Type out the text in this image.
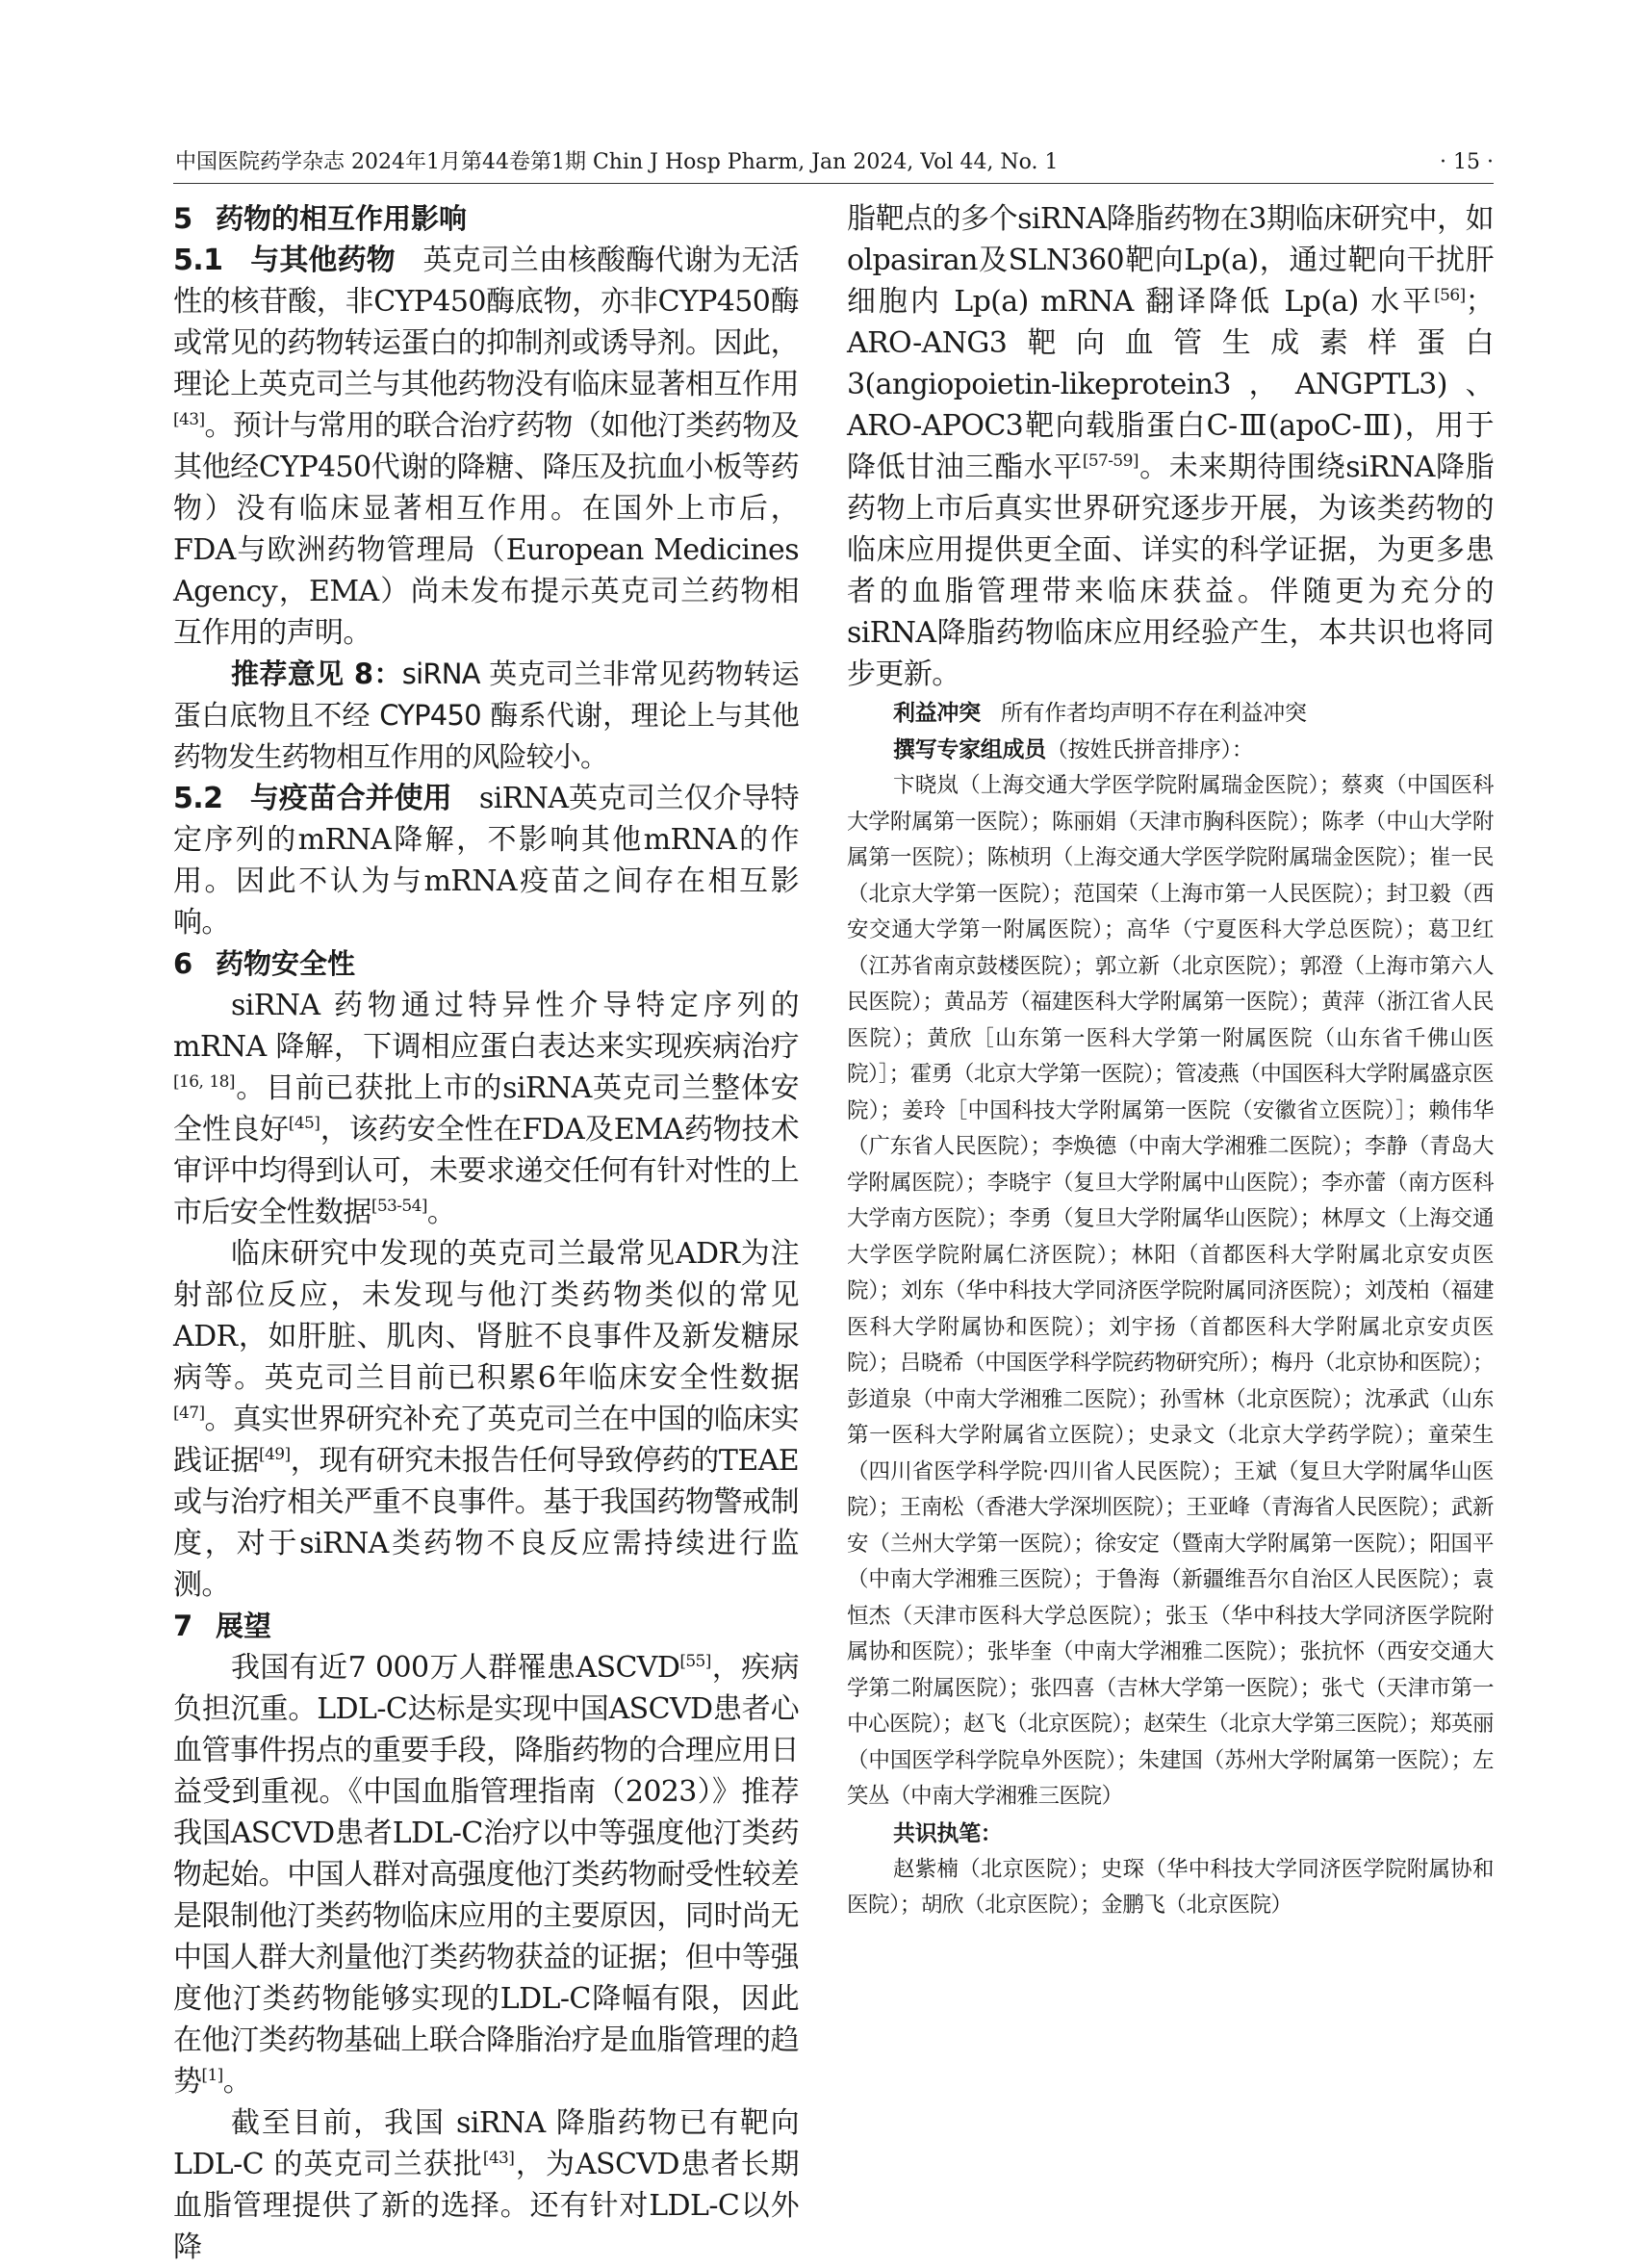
中国医院药学杂志 2024年1月第44卷第1期 Chin J Hosp Pharm, Jan 2024, Vol 44, No. 1	· 15 ·

5 药物的相互作用影响

5.1 与其他药物 英克司兰由核酸酶代谢为无活性的核苷酸，非CYP450酶底物，亦非CYP450酶或常见的药物转运蛋白的抑制剂或诱导剂。因此，理论上英克司兰与其他药物没有临床显著相互作用[43]。预计与常用的联合治疗药物（如他汀类药物及其他经CYP450代谢的降糖、降压及抗血小板等药物）没有临床显著相互作用。在国外上市后，FDA与欧洲药物管理局（European Medicines Agency，EMA）尚未发布提示英克司兰药物相互作用的声明。

推荐意见 8：siRNA 英克司兰非常见药物转运蛋白底物且不经 CYP450 酶系代谢，理论上与其他药物发生药物相互作用的风险较小。

5.2 与疫苗合并使用 siRNA英克司兰仅介导特定序列的mRNA降解，不影响其他mRNA的作用。因此不认为与mRNA疫苗之间存在相互影响。

6 药物安全性

siRNA 药物通过特异性介导特定序列的 mRNA 降解，下调相应蛋白表达来实现疾病治疗[16, 18]。目前已获批上市的siRNA英克司兰整体安全性良好[45]，该药安全性在FDA及EMA药物技术审评中均得到认可，未要求递交任何有针对性的上市后安全性数据[53-54]。

临床研究中发现的英克司兰最常见ADR为注射部位反应，未发现与他汀类药物类似的常见ADR，如肝脏、肌肉、肾脏不良事件及新发糖尿病等。英克司兰目前已积累6年临床安全性数据[47]。真实世界研究补充了英克司兰在中国的临床实践证据[49]，现有研究未报告任何导致停药的TEAE或与治疗相关严重不良事件。基于我国药物警戒制度，对于siRNA类药物不良反应需持续进行监测。

7 展望

我国有近7 000万人群罹患ASCVD[55]，疾病负担沉重。LDL-C达标是实现中国ASCVD患者心血管事件拐点的重要手段，降脂药物的合理应用日益受到重视。《中国血脂管理指南（2023）》推荐我国ASCVD患者LDL-C治疗以中等强度他汀类药物起始。中国人群对高强度他汀类药物耐受性较差是限制他汀类药物临床应用的主要原因，同时尚无中国人群大剂量他汀类药物获益的证据；但中等强度他汀类药物能够实现的LDL-C降幅有限，因此在他汀类药物基础上联合降脂治疗是血脂管理的趋势[1]。

截至目前，我国 siRNA 降脂药物已有靶向 LDL-C 的英克司兰获批[43]，为ASCVD患者长期血脂管理提供了新的选择。还有针对LDL-C以外降

脂靶点的多个siRNA降脂药物在3期临床研究中，如olpasiran及SLN360靶向Lp(a)，通过靶向干扰肝细胞内 Lp(a) mRNA 翻译降低 Lp(a) 水平[56]；ARO-ANG3靶向血管生成素样蛋白3(angiopoietin-likeprotein3，ANGPTL3)、ARO-APOC3靶向载脂蛋白C-Ⅲ(apoC-Ⅲ)，用于降低甘油三酯水平[57-59]。未来期待围绕siRNA降脂药物上市后真实世界研究逐步开展，为该类药物的临床应用提供更全面、详实的科学证据，为更多患者的血脂管理带来临床获益。伴随更为充分的siRNA降脂药物临床应用经验产生，本共识也将同步更新。

利益冲突 所有作者均声明不存在利益冲突

撰写专家组成员（按姓氏拼音排序）：

卞晓岚（上海交通大学医学院附属瑞金医院）；蔡爽（中国医科大学附属第一医院）；陈丽娟（天津市胸科医院）；陈孝（中山大学附属第一医院）；陈桢玥（上海交通大学医学院附属瑞金医院）；崔一民（北京大学第一医院）；范国荣（上海市第一人民医院）；封卫毅（西安交通大学第一附属医院）；高华（宁夏医科大学总医院）；葛卫红（江苏省南京鼓楼医院）；郭立新（北京医院）；郭澄（上海市第六人民医院）；黄品芳（福建医科大学附属第一医院）；黄萍（浙江省人民医院）；黄欣［山东第一医科大学第一附属医院（山东省千佛山医院）］；霍勇（北京大学第一医院）；管凌燕（中国医科大学附属盛京医院）；姜玲［中国科技大学附属第一医院（安徽省立医院）］；赖伟华（广东省人民医院）；李焕德（中南大学湘雅二医院）；李静（青岛大学附属医院）；李晓宇（复旦大学附属中山医院）；李亦蕾（南方医科大学南方医院）；李勇（复旦大学附属华山医院）；林厚文（上海交通大学医学院附属仁济医院）；林阳（首都医科大学附属北京安贞医院）；刘东（华中科技大学同济医学院附属同济医院）；刘茂柏（福建医科大学附属协和医院）；刘宇扬（首都医科大学附属北京安贞医院）；吕晓希（中国医学科学院药物研究所）；梅丹（北京协和医院）；彭道泉（中南大学湘雅二医院）；孙雪林（北京医院）；沈承武（山东第一医科大学附属省立医院）；史录文（北京大学药学院）；童荣生（四川省医学科学院·四川省人民医院）；王斌（复旦大学附属华山医院）；王南松（香港大学深圳医院）；王亚峰（青海省人民医院）；武新安（兰州大学第一医院）；徐安定（暨南大学附属第一医院）；阳国平（中南大学湘雅三医院）；于鲁海（新疆维吾尔自治区人民医院）；袁恒杰（天津市医科大学总医院）；张玉（华中科技大学同济医学院附属协和医院）；张毕奎（中南大学湘雅二医院）；张抗怀（西安交通大学第二附属医院）；张四喜（吉林大学第一医院）；张弋（天津市第一中心医院）；赵飞（北京医院）；赵荣生（北京大学第三医院）；郑英丽（中国医学科学院阜外医院）；朱建国（苏州大学附属第一医院）；左笑丛（中南大学湘雅三医院）

共识执笔：

赵紫楠（北京医院）；史琛（华中科技大学同济医学院附属协和医院）；胡欣（北京医院）；金鹏飞（北京医院）
